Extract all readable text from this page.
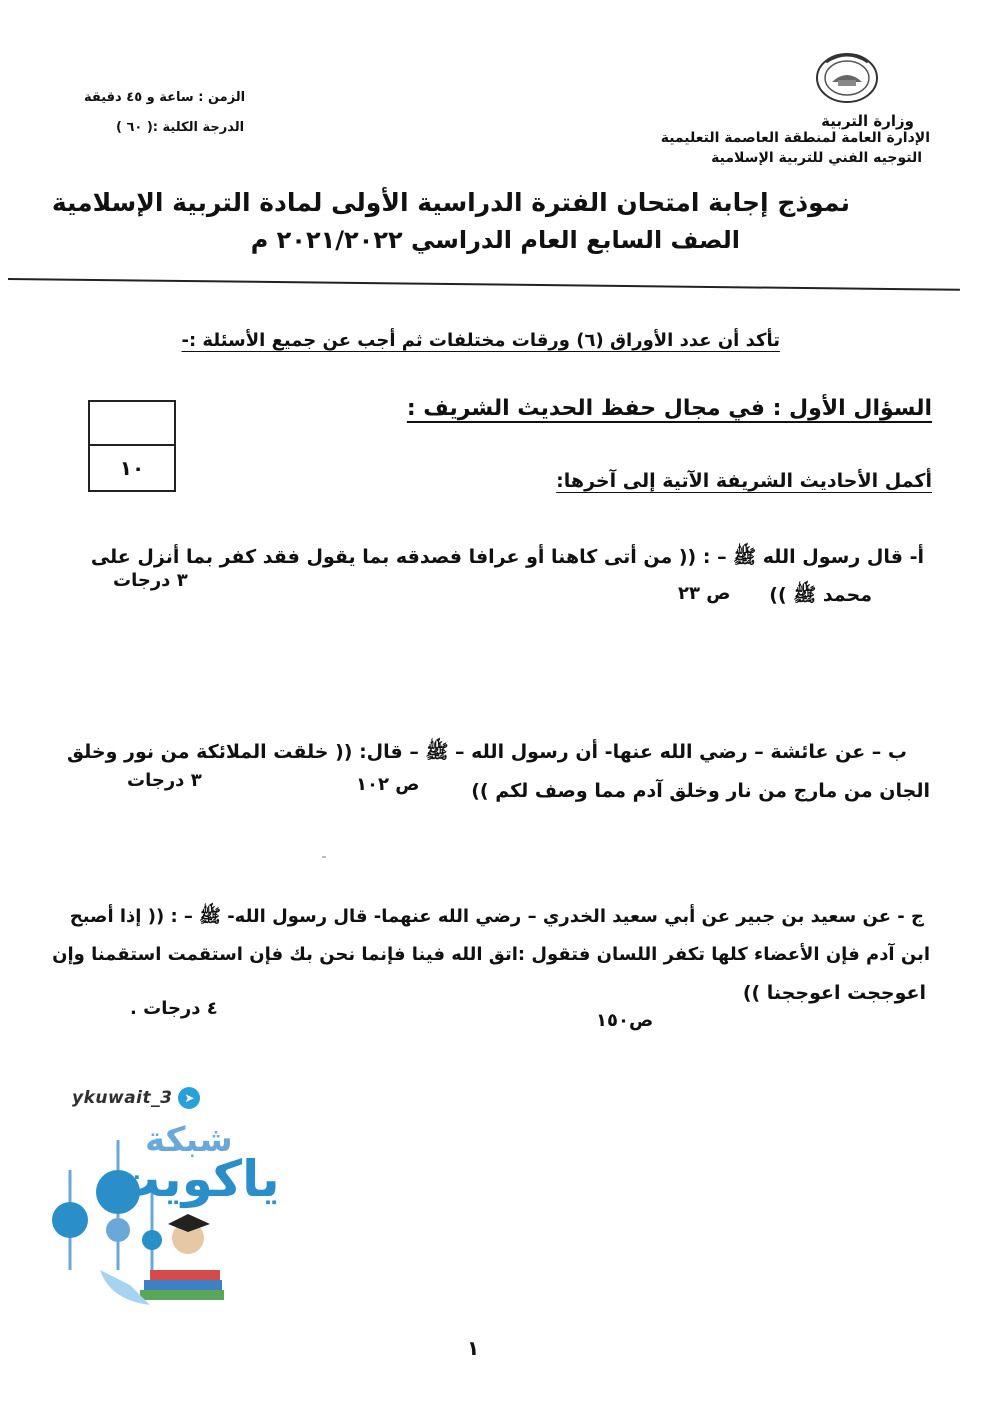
وزارة التربية
الإدارة العامة لمنطقة العاصمة التعليمية
التوجيه الفني للتربية الإسلامية
الزمن : ساعة و ٤٥ دقيقة
الدرجة الكلية :( ٦٠ )
نموذج إجابة امتحان الفترة الدراسية الأولى لمادة التربية الإسلامية
الصف السابع العام الدراسي ٢٠٢١/٢٠٢٢ م
تأكد أن عدد الأوراق (٦) ورقات مختلفات ثم أجب عن جميع الأسئلة :-
السؤال الأول : في مجال حفظ الحديث الشريف :
١٠
أكمل الأحاديث الشريفة الآتية إلى آخرها:
أ- قال رسول الله ﷺ – : (( من أتى كاهنا أو عرافا فصدقه بما يقول فقد كفر بما أنزل على
محمد ﷺ ))
ص ٢٣
٣ درجات
ب – عن عائشة – رضي الله عنها- أن رسول الله – ﷺ – قال: (( خلقت الملائكة من نور وخلق
الجان من مارج من نار وخلق آدم مما وصف لكم ))
ص ١٠٢
٣ درجات
ج - عن سعيد بن جبير عن أبي سعيد الخدري – رضي الله عنهما- قال رسول الله- ﷺ – : (( إذا أصبح
ابن آدم فإن الأعضاء كلها تكفر اللسان فتقول :اتق الله فينا فإنما نحن بك فإن استقمت استقمنا وإن
اعوججت اعوججنا ))
ص١٥٠
٤ درجات .
➤
ykuwait_3
شبكة
ياكويت
١
